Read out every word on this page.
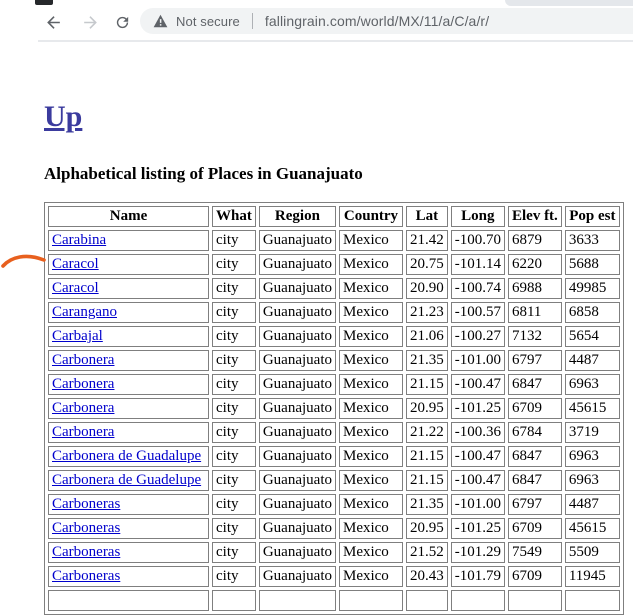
Not secure fallingrain.com/world/MX/11/a/C/a/r/
Up
Alphabetical listing of Places in Guanajuato
Name	What	Region	Country	Lat	Long	Elev ft.	Pop est
Carabina	city	Guanajuato	Mexico	21.42	-100.70	6879	3633
Caracol	city	Guanajuato	Mexico	20.75	-101.14	6220	5688
Caracol	city	Guanajuato	Mexico	20.90	-100.74	6988	49985
Carangano	city	Guanajuato	Mexico	21.23	-100.57	6811	6858
Carbajal	city	Guanajuato	Mexico	21.06	-100.27	7132	5654
Carbonera	city	Guanajuato	Mexico	21.35	-101.00	6797	4487
Carbonera	city	Guanajuato	Mexico	21.15	-100.47	6847	6963
Carbonera	city	Guanajuato	Mexico	20.95	-101.25	6709	45615
Carbonera	city	Guanajuato	Mexico	21.22	-100.36	6784	3719
Carbonera de Guadalupe	city	Guanajuato	Mexico	21.15	-100.47	6847	6963
Carbonera de Guadelupe	city	Guanajuato	Mexico	21.15	-100.47	6847	6963
Carboneras	city	Guanajuato	Mexico	21.35	-101.00	6797	4487
Carboneras	city	Guanajuato	Mexico	20.95	-101.25	6709	45615
Carboneras	city	Guanajuato	Mexico	21.52	-101.29	7549	5509
Carboneras	city	Guanajuato	Mexico	20.43	-101.79	6709	11945
